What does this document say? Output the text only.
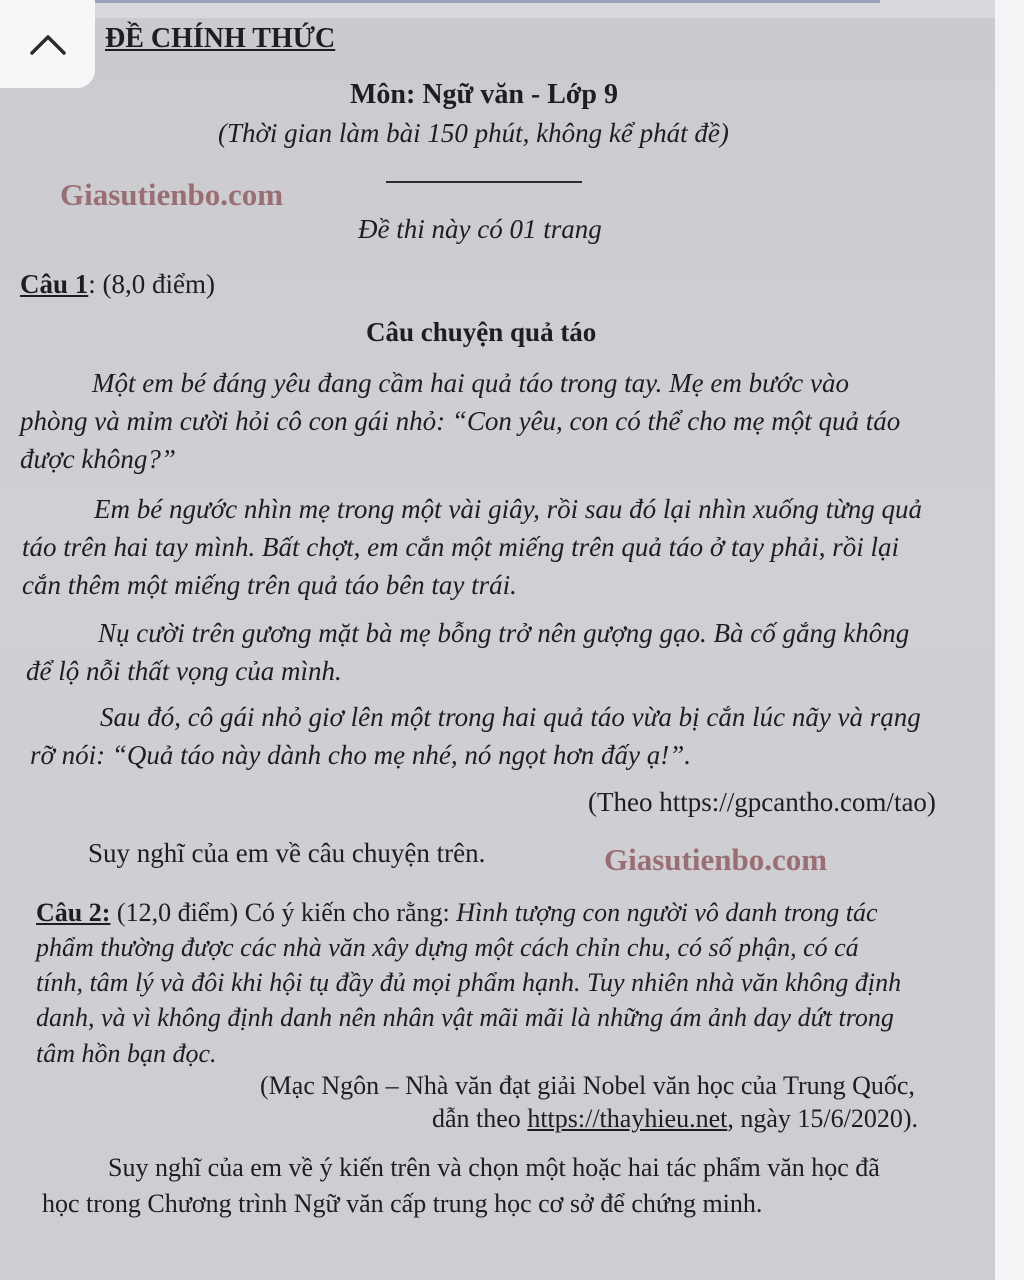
ĐỀ CHÍNH THỨC
Môn: Ngữ văn - Lớp 9
(Thời gian làm bài 150 phút, không kể phát đề)
Giasutienbo.com
Đề thi này có 01 trang
Câu 1: (8,0 điểm)
Câu chuyện quả táo
Một em bé đáng yêu đang cầm hai quả táo trong tay. Mẹ em bước vào
phòng và mỉm cười hỏi cô con gái nhỏ: “Con yêu, con có thể cho mẹ một quả táo
được không?”
Em bé ngước nhìn mẹ trong một vài giây, rồi sau đó lại nhìn xuống từng quả
táo trên hai tay mình. Bất chợt, em cắn một miếng trên quả táo ở tay phải, rồi lại
cắn thêm một miếng trên quả táo bên tay trái.
Nụ cười trên gương mặt bà mẹ bỗng trở nên gượng gạo. Bà cố gắng không
để lộ nỗi thất vọng của mình.
Sau đó, cô gái nhỏ giơ lên một trong hai quả táo vừa bị cắn lúc nãy và rạng
rỡ nói: “Quả táo này dành cho mẹ nhé, nó ngọt hơn đấy ạ!”.
(Theo https://gpcantho.com/tao)
Suy nghĩ của em về câu chuyện trên.	Giasutienbo.com
Câu 2: (12,0 điểm) Có ý kiến cho rằng: Hình tượng con người vô danh trong tác
phẩm thường được các nhà văn xây dựng một cách chỉn chu, có số phận, có cá
tính, tâm lý và đôi khi hội tụ đầy đủ mọi phẩm hạnh. Tuy nhiên nhà văn không định
danh, và vì không định danh nên nhân vật mãi mãi là những ám ảnh day dứt trong
tâm hồn bạn đọc.
(Mạc Ngôn – Nhà văn đạt giải Nobel văn học của Trung Quốc,
dẫn theo https://thayhieu.net, ngày 15/6/2020).
Suy nghĩ của em về ý kiến trên và chọn một hoặc hai tác phẩm văn học đã
học trong Chương trình Ngữ văn cấp trung học cơ sở để chứng minh.
